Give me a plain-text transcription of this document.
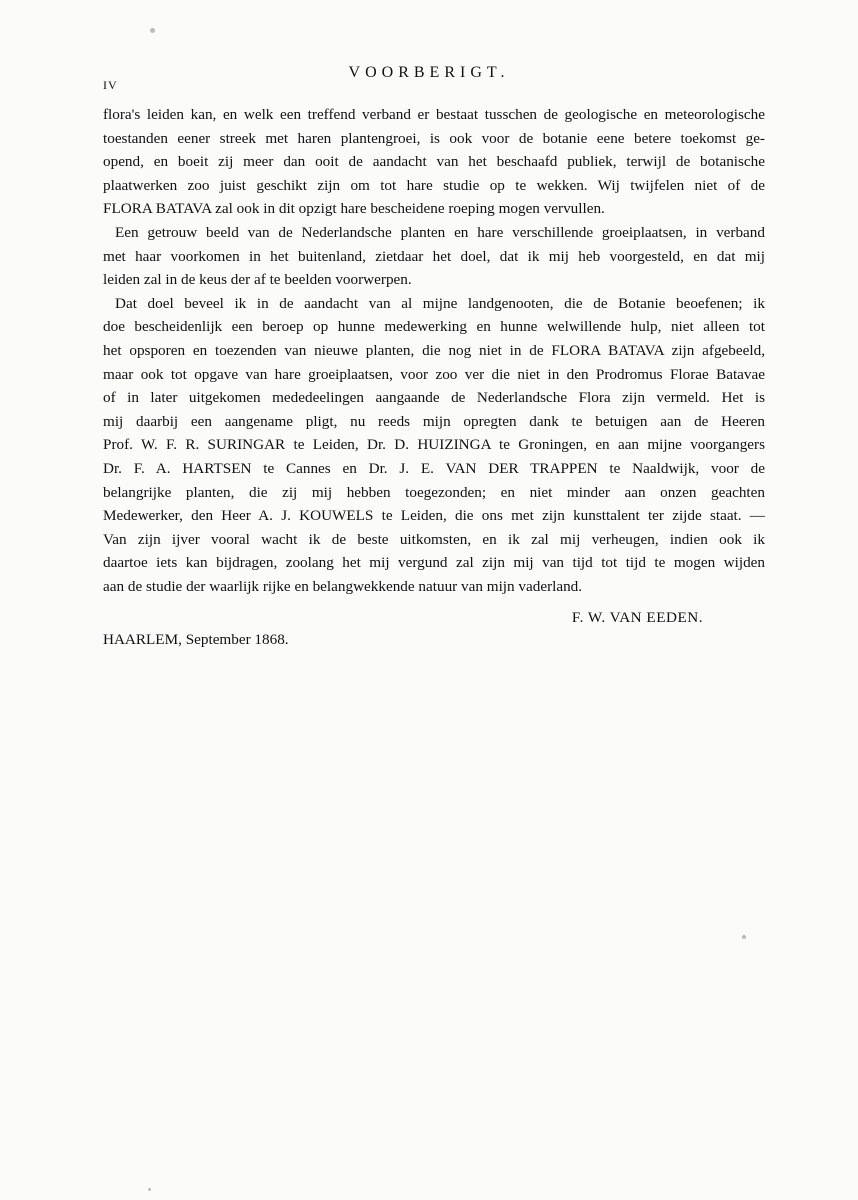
IV
VOORBERIGT.
flora's leiden kan, en welk een treffend verband er bestaat tusschen de geologische en meteorologische
toestanden eener streek met haren plantengroei, is ook voor de botanie eene betere toekomst ge-
opend, en boeit zij meer dan ooit de aandacht van het beschaafd publiek, terwijl de botanische
plaatwerken zoo juist geschikt zijn om tot hare studie op te wekken. Wij twijfelen niet of de
FLORA BATAVA zal ook in dit opzigt hare bescheidene roeping mogen vervullen.
Een getrouw beeld van de Nederlandsche planten en hare verschillende groeiplaatsen, in verband
met haar voorkomen in het buitenland, zietdaar het doel, dat ik mij heb voorgesteld, en dat mij
leiden zal in de keus der af te beelden voorwerpen.
Dat doel beveel ik in de aandacht van al mijne landgenooten, die de Botanie beoefenen; ik
doe bescheidenlijk een beroep op hunne medewerking en hunne welwillende hulp, niet alleen tot
het opsporen en toezenden van nieuwe planten, die nog niet in de FLORA BATAVA zijn afgebeeld,
maar ook tot opgave van hare groeiplaatsen, voor zoo ver die niet in den Prodromus Florae Batavae
of in later uitgekomen mededeelingen aangaande de Nederlandsche Flora zijn vermeld. Het is
mij daarbij een aangename pligt, nu reeds mijn opregten dank te betuigen aan de Heeren
Prof. W. F. R. SURINGAR te Leiden, Dr. D. HUIZINGA te Groningen, en aan mijne voorgangers
Dr. F. A. HARTSEN te Cannes en Dr. J. E. VAN DER TRAPPEN te Naaldwijk, voor de
belangrijke planten, die zij mij hebben toegezonden; en niet minder aan onzen geachten
Medewerker, den Heer A. J. KOUWELS te Leiden, die ons met zijn kunsttalent ter zijde staat. —
Van zijn ijver vooral wacht ik de beste uitkomsten, en ik zal mij verheugen, indien ook ik
daartoe iets kan bijdragen, zoolang het mij vergund zal zijn mij van tijd tot tijd te mogen wijden
aan de studie der waarlijk rijke en belangwekkende natuur van mijn vaderland.
F. W. VAN EEDEN.
HAARLEM, September 1868.
